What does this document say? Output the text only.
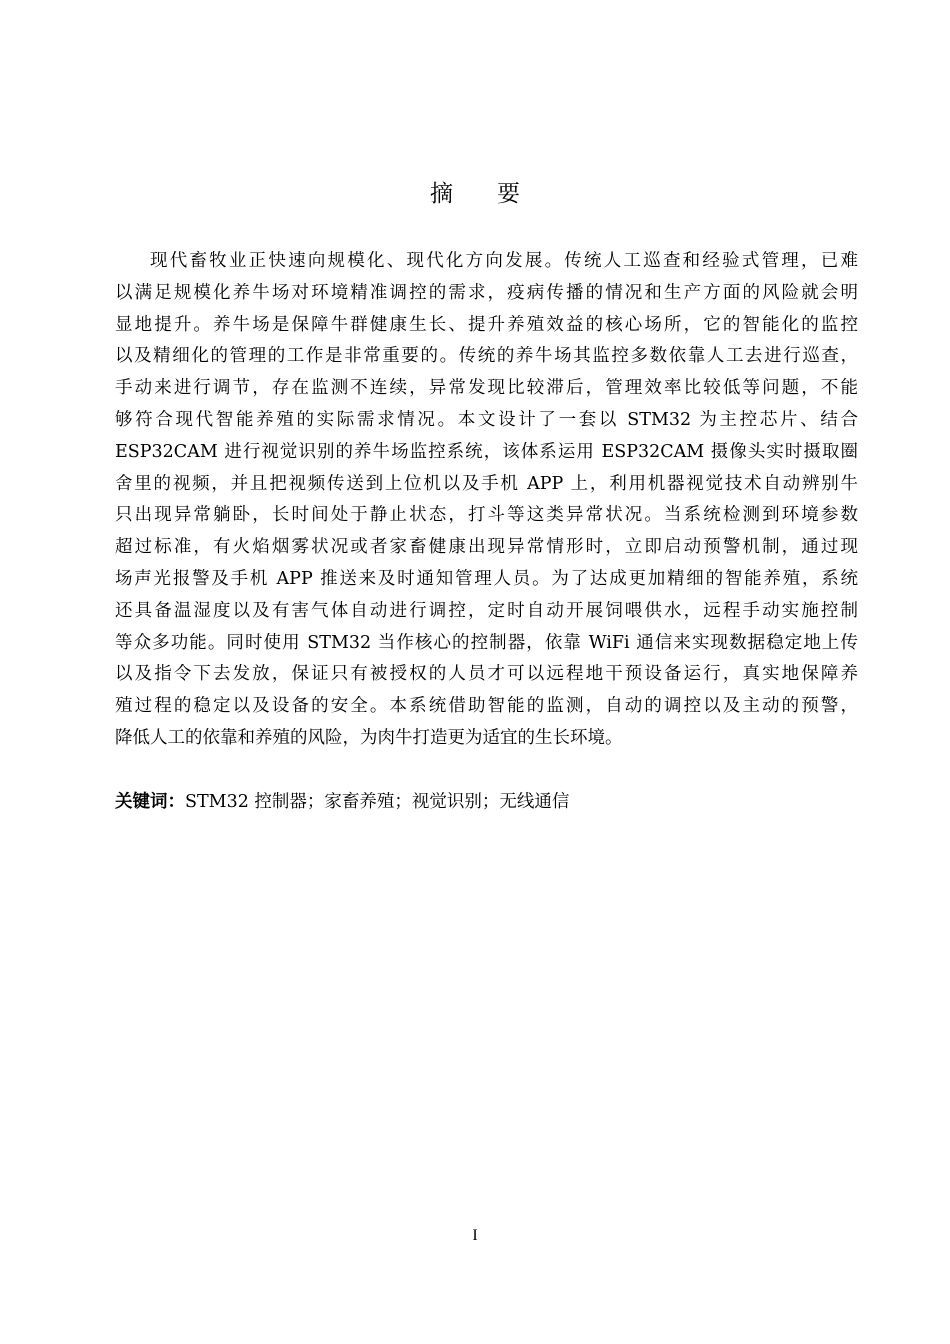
摘要
现代畜牧业正快速向规模化、现代化方向发展。传统人工巡查和经验式管理，已难
以满足规模化养牛场对环境精准调控的需求，疫病传播的情况和生产方面的风险就会明
显地提升。养牛场是保障牛群健康生长、提升养殖效益的核心场所，它的智能化的监控
以及精细化的管理的工作是非常重要的。传统的养牛场其监控多数依靠人工去进行巡查，
手动来进行调节，存在监测不连续，异常发现比较滞后，管理效率比较低等问题，不能
够符合现代智能养殖的实际需求情况。本文设计了一套以 STM32 为主控芯片、结合
ESP32CAM 进行视觉识别的养牛场监控系统，该体系运用 ESP32CAM 摄像头实时摄取圈
舍里的视频，并且把视频传送到上位机以及手机 APP 上，利用机器视觉技术自动辨别牛
只出现异常躺卧，长时间处于静止状态，打斗等这类异常状况。当系统检测到环境参数
超过标准，有火焰烟雾状况或者家畜健康出现异常情形时，立即启动预警机制，通过现
场声光报警及手机 APP 推送来及时通知管理人员。为了达成更加精细的智能养殖，系统
还具备温湿度以及有害气体自动进行调控，定时自动开展饲喂供水，远程手动实施控制
等众多功能。同时使用 STM32 当作核心的控制器，依靠 WiFi 通信来实现数据稳定地上传
以及指令下去发放，保证只有被授权的人员才可以远程地干预设备运行，真实地保障养
殖过程的稳定以及设备的安全。本系统借助智能的监测，自动的调控以及主动的预警，
降低人工的依靠和养殖的风险，为肉牛打造更为适宜的生长环境。
关键词：STM32 控制器；家畜养殖；视觉识别；无线通信
I
